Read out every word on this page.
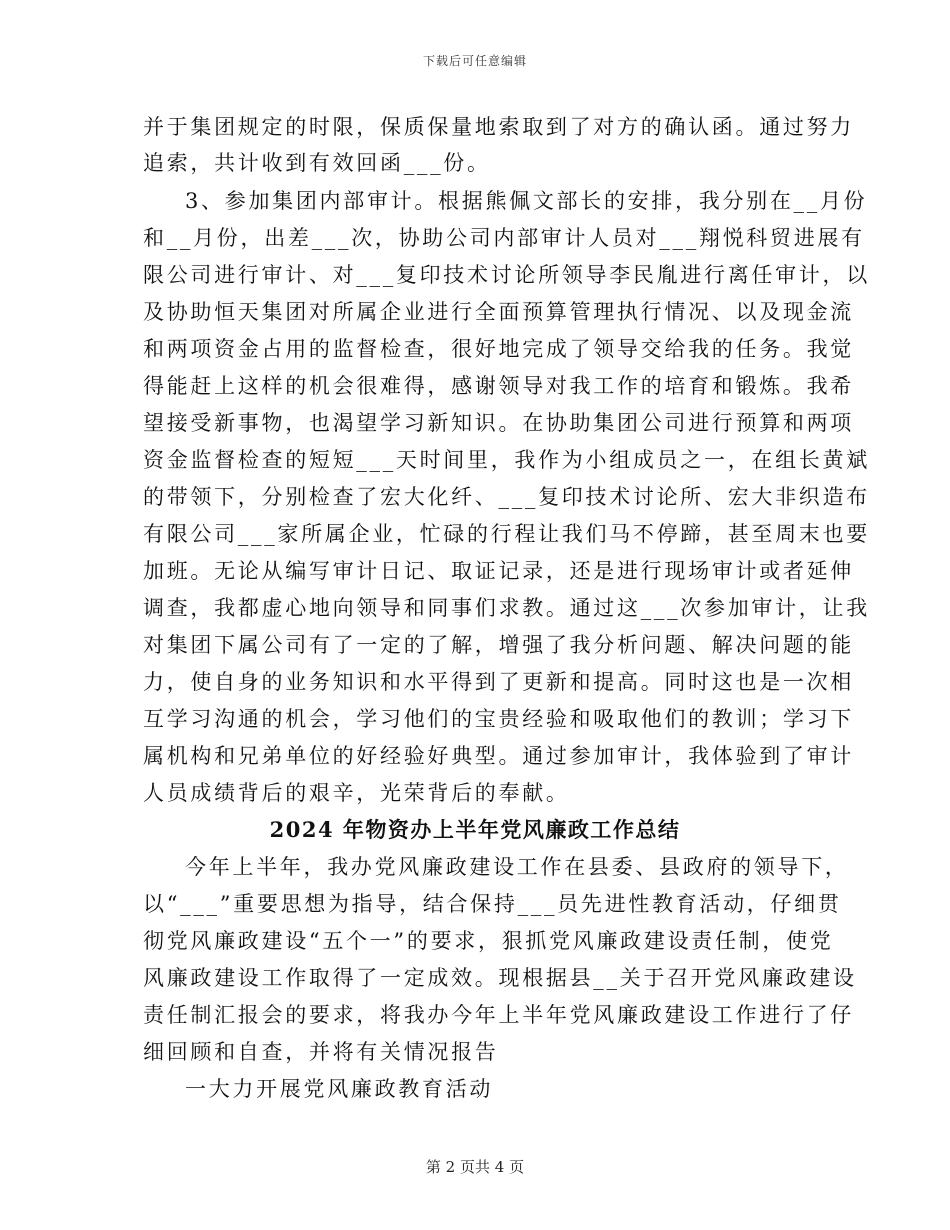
下载后可任意编辑
并于集团规定的时限，保质保量地索取到了对方的确认函。通过努力
追索，共计收到有效回函___份。
3、参加集团内部审计。根据熊佩文部长的安排，我分别在__月份
和__月份，出差___次，协助公司内部审计人员对___翔悦科贸进展有
限公司进行审计、对___复印技术讨论所领导李民胤进行离任审计，以
及协助恒天集团对所属企业进行全面预算管理执行情况、以及现金流
和两项资金占用的监督检查，很好地完成了领导交给我的任务。我觉
得能赶上这样的机会很难得，感谢领导对我工作的培育和锻炼。我希
望接受新事物，也渴望学习新知识。在协助集团公司进行预算和两项
资金监督检查的短短___天时间里，我作为小组成员之一，在组长黄斌
的带领下，分别检查了宏大化纤、___复印技术讨论所、宏大非织造布
有限公司___家所属企业，忙碌的行程让我们马不停蹄，甚至周末也要
加班。无论从编写审计日记、取证记录，还是进行现场审计或者延伸
调查，我都虚心地向领导和同事们求教。通过这___次参加审计，让我
对集团下属公司有了一定的了解，增强了我分析问题、解决问题的能
力，使自身的业务知识和水平得到了更新和提高。同时这也是一次相
互学习沟通的机会，学习他们的宝贵经验和吸取他们的教训；学习下
属机构和兄弟单位的好经验好典型。通过参加审计，我体验到了审计
人员成绩背后的艰辛，光荣背后的奉献。
2024 年物资办上半年党风廉政工作总结
今年上半年，我办党风廉政建设工作在县委、县政府的领导下，
以“___”重要思想为指导，结合保持___员先进性教育活动，仔细贯
彻党风廉政建设“五个一”的要求，狠抓党风廉政建设责任制，使党
风廉政建设工作取得了一定成效。现根据县__关于召开党风廉政建设
责任制汇报会的要求，将我办今年上半年党风廉政建设工作进行了仔
细回顾和自查，并将有关情况报告
一大力开展党风廉政教育活动
第 2 页共 4 页
